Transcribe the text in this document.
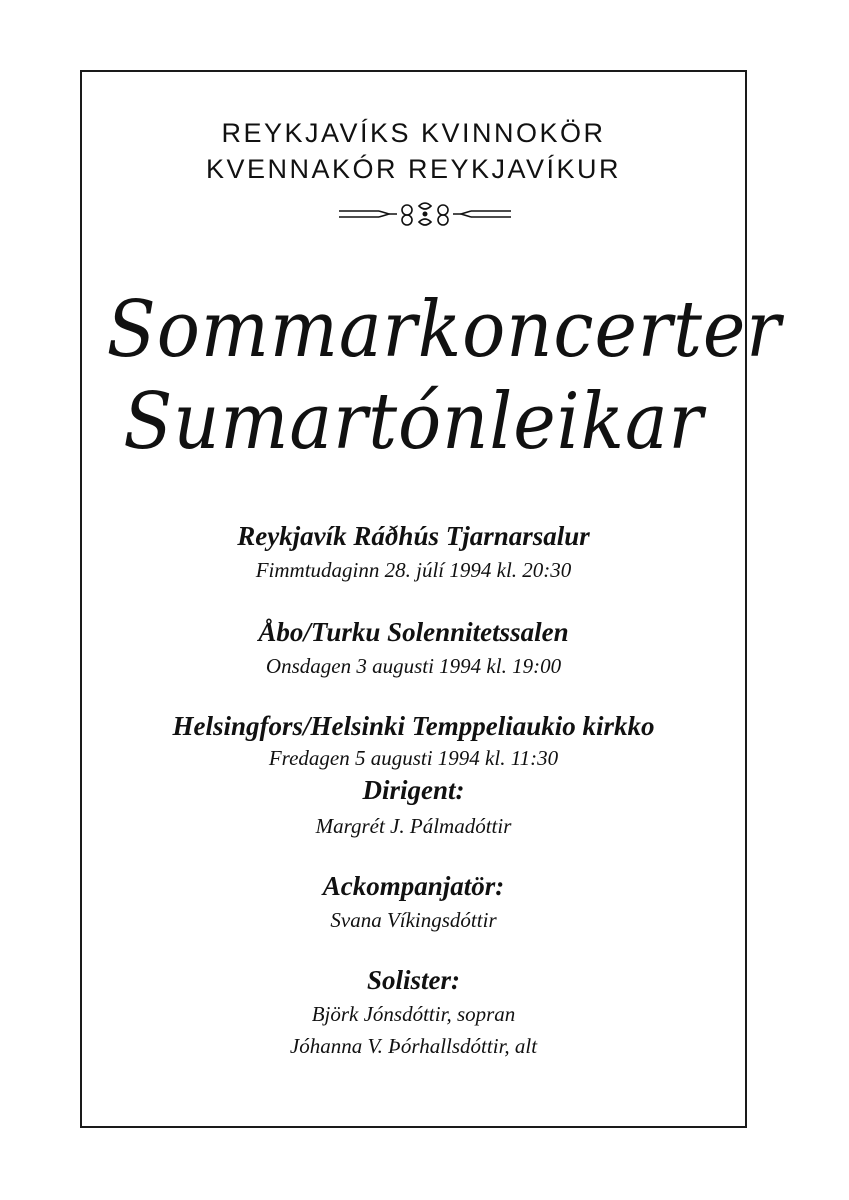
REYKJAVÍKS KVINNOKÖR
KVENNAKÓR REYKJAVÍKUR
Sommarkoncerter
Sumartónleikar
Reykjavík Ráðhús Tjarnarsalur
Fimmtudaginn 28. júlí 1994 kl. 20:30
Åbo/Turku Solennitetssalen
Onsdagen 3 augusti 1994 kl. 19:00
Helsingfors/Helsinki Temppeliaukio kirkko
Fredagen 5 augusti 1994 kl. 11:30
Dirigent:
Margrét J. Pálmadóttir
Ackompanjatör:
Svana Víkingsdóttir
Solister:
Björk Jónsdóttir, sopran
Jóhanna V. Þórhallsdóttir, alt
